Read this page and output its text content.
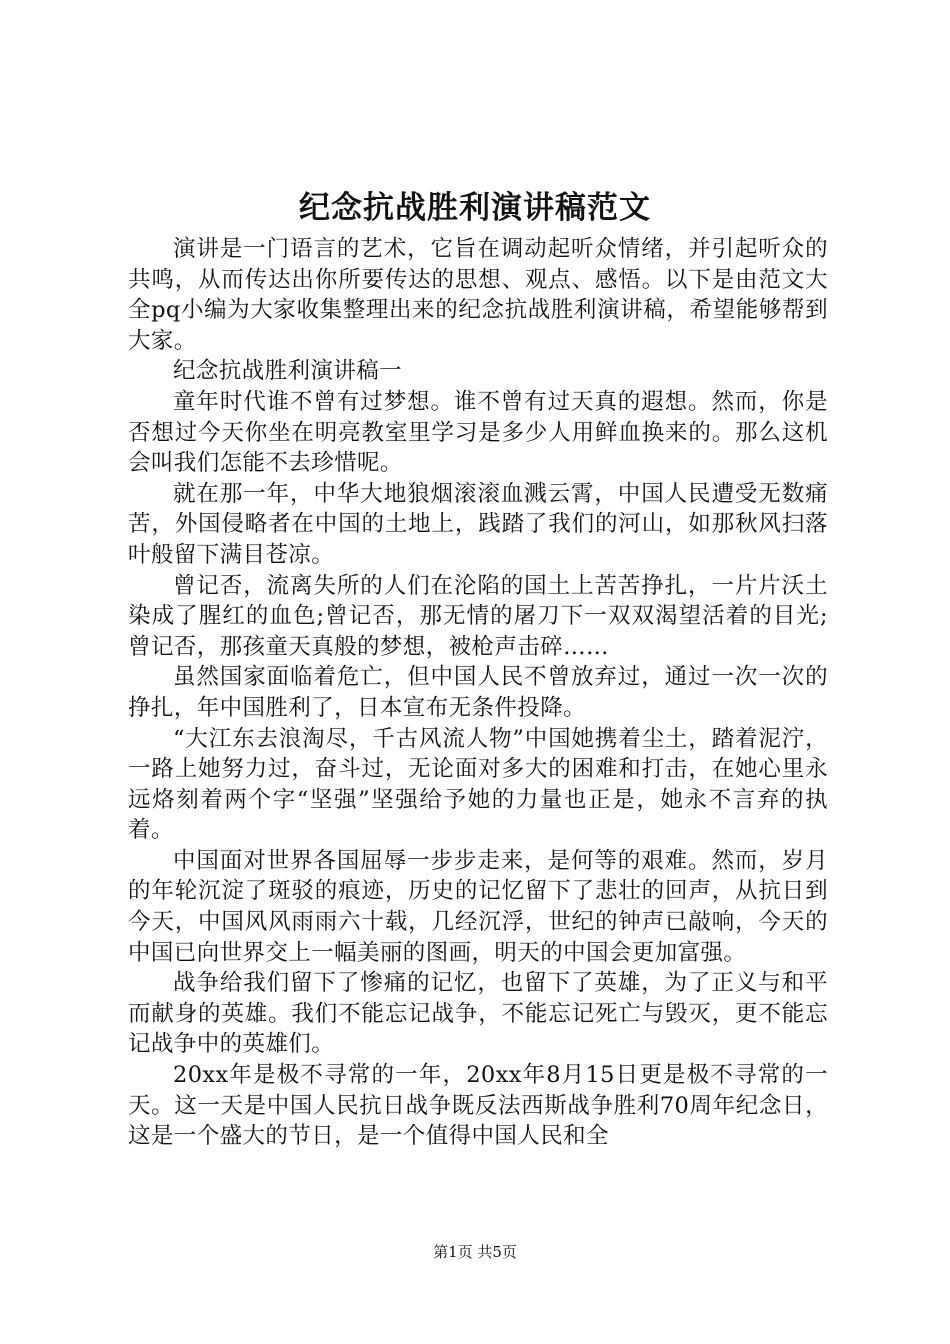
纪念抗战胜利演讲稿范文

演讲是一门语言的艺术，它旨在调动起听众情绪，并引起听众的共鸣，从而传达出你所要传达的思想、观点、感悟。以下是由范文大全pq小编为大家收集整理出来的纪念抗战胜利演讲稿，希望能够帮到大家。

纪念抗战胜利演讲稿一

童年时代谁不曾有过梦想。谁不曾有过天真的遐想。然而，你是否想过今天你坐在明亮教室里学习是多少人用鲜血换来的。那么这机会叫我们怎能不去珍惜呢。

就在那一年，中华大地狼烟滚滚血溅云霄，中国人民遭受无数痛苦，外国侵略者在中国的土地上，践踏了我们的河山，如那秋风扫落叶般留下满目苍凉。

曾记否，流离失所的人们在沦陷的国土上苦苦挣扎，一片片沃土染成了腥红的血色;曾记否，那无情的屠刀下一双双渴望活着的目光;曾记否，那孩童天真般的梦想，被枪声击碎……

虽然国家面临着危亡，但中国人民不曾放弃过，通过一次一次的挣扎，年中国胜利了，日本宣布无条件投降。

“大江东去浪淘尽，千古风流人物”中国她携着尘土，踏着泥泞，一路上她努力过，奋斗过，无论面对多大的困难和打击，在她心里永远烙刻着两个字“坚强”坚强给予她的力量也正是，她永不言弃的执着。

中国面对世界各国屈辱一步步走来，是何等的艰难。然而，岁月的年轮沉淀了斑驳的痕迹，历史的记忆留下了悲壮的回声，从抗日到今天，中国风风雨雨六十载，几经沉浮，世纪的钟声已敲响，今天的中国已向世界交上一幅美丽的图画，明天的中国会更加富强。

战争给我们留下了惨痛的记忆，也留下了英雄，为了正义与和平而献身的英雄。我们不能忘记战争，不能忘记死亡与毁灭，更不能忘记战争中的英雄们。

20xx年是极不寻常的一年，20xx年8月15日更是极不寻常的一天。这一天是中国人民抗日战争既反法西斯战争胜利70周年纪念日，这是一个盛大的节日，是一个值得中国人民和全

第1页 共5页
